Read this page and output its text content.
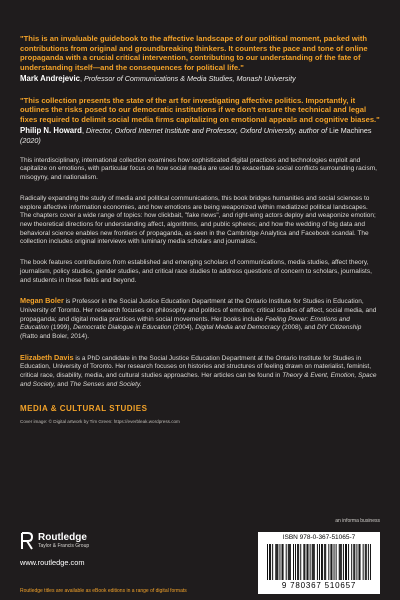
"This is an invaluable guidebook to the affective landscape of our political moment, packed with contributions from original and groundbreaking thinkers. It counters the pace and tone of online propaganda with a crucial critical intervention, contributing to our understanding of the fate of understanding itself—and the consequences for political life."

Mark Andrejevic, Professor of Communications & Media Studies, Monash University

"This collection presents the state of the art for investigating affective politics. Importantly, it outlines the risks posed to our democratic institutions if we don't ensure the technical and legal fixes required to delimit social media firms capitalizing on emotional appeals and cognitive biases."

Philip N. Howard, Director, Oxford Internet Institute and Professor, Oxford University, author of Lie Machines (2020)

This interdisciplinary, international collection examines how sophisticated digital practices and technologies exploit and capitalize on emotions, with particular focus on how social media are used to exacerbate social conflicts surrounding racism, misogyny, and nationalism.

Radically expanding the study of media and political communications, this book bridges humanities and social sciences to explore affective information economies, and how emotions are being weaponized within mediatized political landscapes. The chapters cover a wide range of topics: how clickbait, "fake news", and right-wing actors deploy and weaponize emotion; new theoretical directions for understanding affect, algorithms, and public spheres; and how the wedding of big data and behavioral science enables new frontiers of propaganda, as seen in the Cambridge Analytica and Facebook scandal. The collection includes original interviews with luminary media scholars and journalists.

The book features contributions from established and emerging scholars of communications, media studies, affect theory, journalism, policy studies, gender studies, and critical race studies to address questions of concern to scholars, journalists, and students in these fields and beyond.

Megan Boler is Professor in the Social Justice Education Department at the Ontario Institute for Studies in Education, University of Toronto. Her research focuses on philosophy and politics of emotion; critical studies of affect, social media, and propaganda; and digital media practices within social movements. Her books include Feeling Power: Emotions and Education (1999), Democratic Dialogue in Education (2004), Digital Media and Democracy (2008), and DIY Citizenship (Ratto and Boler, 2014).

Elizabeth Davis is a PhD candidate in the Social Justice Education Department at the Ontario Institute for Studies in Education, University of Toronto. Her research focuses on histories and structures of feeling drawn on materialist, feminist, critical race, disability, media, and cultural studies approaches. Her articles can be found in Theory & Event, Emotion, Space and Society, and The Senses and Society.

MEDIA & CULTURAL STUDIES

Cover image: © Digital artwork by Tim Green: https://everbleak.wordpress.com

Routledge
Taylor & Francis Group
www.routledge.com
an informa business
ISBN 978-0-367-51065-7
9 780367 510657
Routledge titles are available as eBook editions in a range of digital formats
